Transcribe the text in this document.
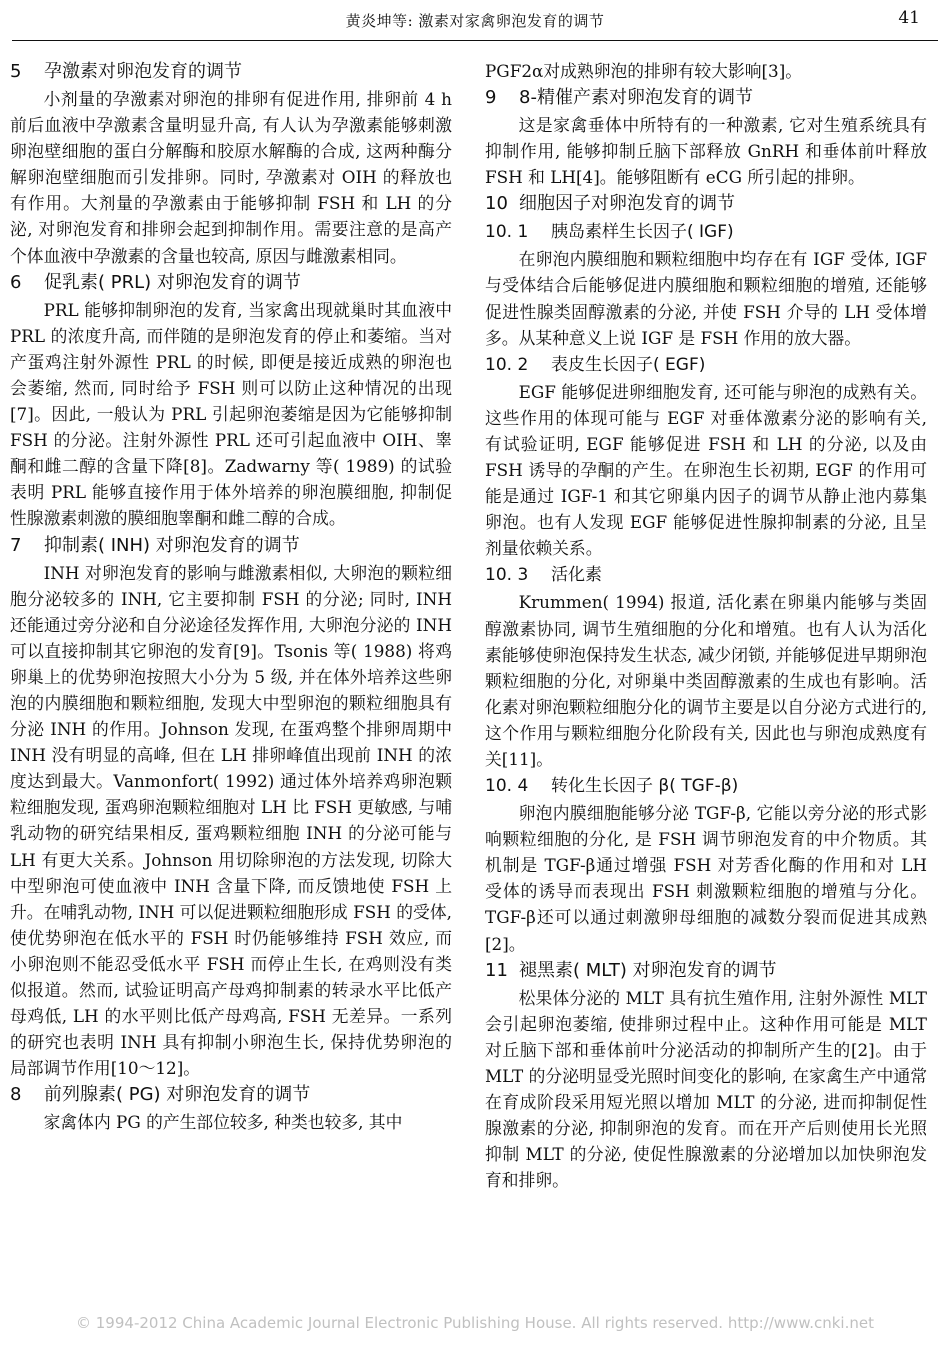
黄炎坤等: 激素对家禽卵泡发育的调节	41
5 孕激素对卵泡发育的调节

小剂量的孕激素对卵泡的排卵有促进作用, 排卵前 4 h 前后血液中孕激素含量明显升高, 有人认为孕激素能够刺激卵泡壁细胞的蛋白分解酶和胶原水解酶的合成, 这两种酶分解卵泡壁细胞而引发排卵。同时, 孕激素对 OIH 的释放也有作用。大剂量的孕激素由于能够抑制 FSH 和 LH 的分泌, 对卵泡发育和排卵会起到抑制作用。需要注意的是高产个体血液中孕激素的含量也较高, 原因与雌激素相同。

6 促乳素( PRL) 对卵泡发育的调节

PRL 能够抑制卵泡的发育, 当家禽出现就巢时其血液中 PRL 的浓度升高, 而伴随的是卵泡发育的停止和萎缩。当对产蛋鸡注射外源性 PRL 的时候, 即便是接近成熟的卵泡也会萎缩, 然而, 同时给予 FSH 则可以防止这种情况的出现[7]。因此, 一般认为 PRL 引起卵泡萎缩是因为它能够抑制 FSH 的分泌。注射外源性 PRL 还可引起血液中 OIH、睾酮和雌二醇的含量下降[8]。Zadwarny 等( 1989) 的试验表明 PRL 能够直接作用于体外培养的卵泡膜细胞, 抑制促性腺激素刺激的膜细胞睾酮和雌二醇的合成。

7 抑制素( INH) 对卵泡发育的调节

INH 对卵泡发育的影响与雌激素相似, 大卵泡的颗粒细胞分泌较多的 INH, 它主要抑制 FSH 的分泌; 同时, INH 还能通过旁分泌和自分泌途径发挥作用, 大卵泡分泌的 INH 可以直接抑制其它卵泡的发育[9]。Tsonis 等( 1988) 将鸡卵巢上的优势卵泡按照大小分为 5 级, 并在体外培养这些卵泡的内膜细胞和颗粒细胞, 发现大中型卵泡的颗粒细胞具有分泌 INH 的作用。Johnson 发现, 在蛋鸡整个排卵周期中 INH 没有明显的高峰, 但在 LH 排卵峰值出现前 INH 的浓度达到最大。Vanmonfort( 1992) 通过体外培养鸡卵泡颗粒细胞发现, 蛋鸡卵泡颗粒细胞对 LH 比 FSH 更敏感, 与哺乳动物的研究结果相反, 蛋鸡颗粒细胞 INH 的分泌可能与 LH 有更大关系。Johnson 用切除卵泡的方法发现, 切除大中型卵泡可使血液中 INH 含量下降, 而反馈地使 FSH 上升。在哺乳动物, INH 可以促进颗粒细胞形成 FSH 的受体, 使优势卵泡在低水平的 FSH 时仍能够维持 FSH 效应, 而小卵泡则不能忍受低水平 FSH 而停止生长, 在鸡则没有类似报道。然而, 试验证明高产母鸡抑制素的转录水平比低产母鸡低, LH 的水平则比低产母鸡高, FSH 无差异。一系列的研究也表明 INH 具有抑制小卵泡生长, 保持优势卵泡的局部调节作用[10～12]。

8 前列腺素( PG) 对卵泡发育的调节

家禽体内 PG 的产生部位较多, 种类也较多, 其中

PGF2α对成熟卵泡的排卵有较大影响[3]。

9 8-精催产素对卵泡发育的调节

这是家禽垂体中所特有的一种激素, 它对生殖系统具有抑制作用, 能够抑制丘脑下部释放 GnRH 和垂体前叶释放 FSH 和 LH[4]。能够阻断有 eCG 所引起的排卵。

10 细胞因子对卵泡发育的调节
10. 1 胰岛素样生长因子( IGF)

在卵泡内膜细胞和颗粒细胞中均存在有 IGF 受体, IGF 与受体结合后能够促进内膜细胞和颗粒细胞的增殖, 还能够促进性腺类固醇激素的分泌, 并使 FSH 介导的 LH 受体增多。从某种意义上说 IGF 是 FSH 作用的放大器。

10. 2 表皮生长因子( EGF)

EGF 能够促进卵细胞发育, 还可能与卵泡的成熟有关。这些作用的体现可能与 EGF 对垂体激素分泌的影响有关, 有试验证明, EGF 能够促进 FSH 和 LH 的分泌, 以及由 FSH 诱导的孕酮的产生。在卵泡生长初期, EGF 的作用可能是通过 IGF-1 和其它卵巢内因子的调节从静止池内募集卵泡。也有人发现 EGF 能够促进性腺抑制素的分泌, 且呈剂量依赖关系。

10. 3 活化素

Krummen( 1994) 报道, 活化素在卵巢内能够与类固醇激素协同, 调节生殖细胞的分化和增殖。也有人认为活化素能够使卵泡保持发生状态, 减少闭锁, 并能够促进早期卵泡颗粒细胞的分化, 对卵巢中类固醇激素的生成也有影响。活化素对卵泡颗粒细胞分化的调节主要是以自分泌方式进行的, 这个作用与颗粒细胞分化阶段有关, 因此也与卵泡成熟度有关[11]。

10. 4 转化生长因子 β( TGF-β)

卵泡内膜细胞能够分泌 TGF-β, 它能以旁分泌的形式影响颗粒细胞的分化, 是 FSH 调节卵泡发育的中介物质。其机制是 TGF-β通过增强 FSH 对芳香化酶的作用和对 LH 受体的诱导而表现出 FSH 刺激颗粒细胞的增殖与分化。TGF-β还可以通过刺激卵母细胞的减数分裂而促进其成熟[2]。

11 褪黑素( MLT) 对卵泡发育的调节

松果体分泌的 MLT 具有抗生殖作用, 注射外源性 MLT 会引起卵泡萎缩, 使排卵过程中止。这种作用可能是 MLT 对丘脑下部和垂体前叶分泌活动的抑制所产生的[2]。由于 MLT 的分泌明显受光照时间变化的影响, 在家禽生产中通常在育成阶段采用短光照以增加 MLT 的分泌, 进而抑制促性腺激素的分泌, 抑制卵泡的发育。而在开产后则使用长光照抑制 MLT 的分泌, 使促性腺激素的分泌增加以加快卵泡发育和排卵。

© 1994-2012 China Academic Journal Electronic Publishing House. All rights reserved. http://www.cnki.net
